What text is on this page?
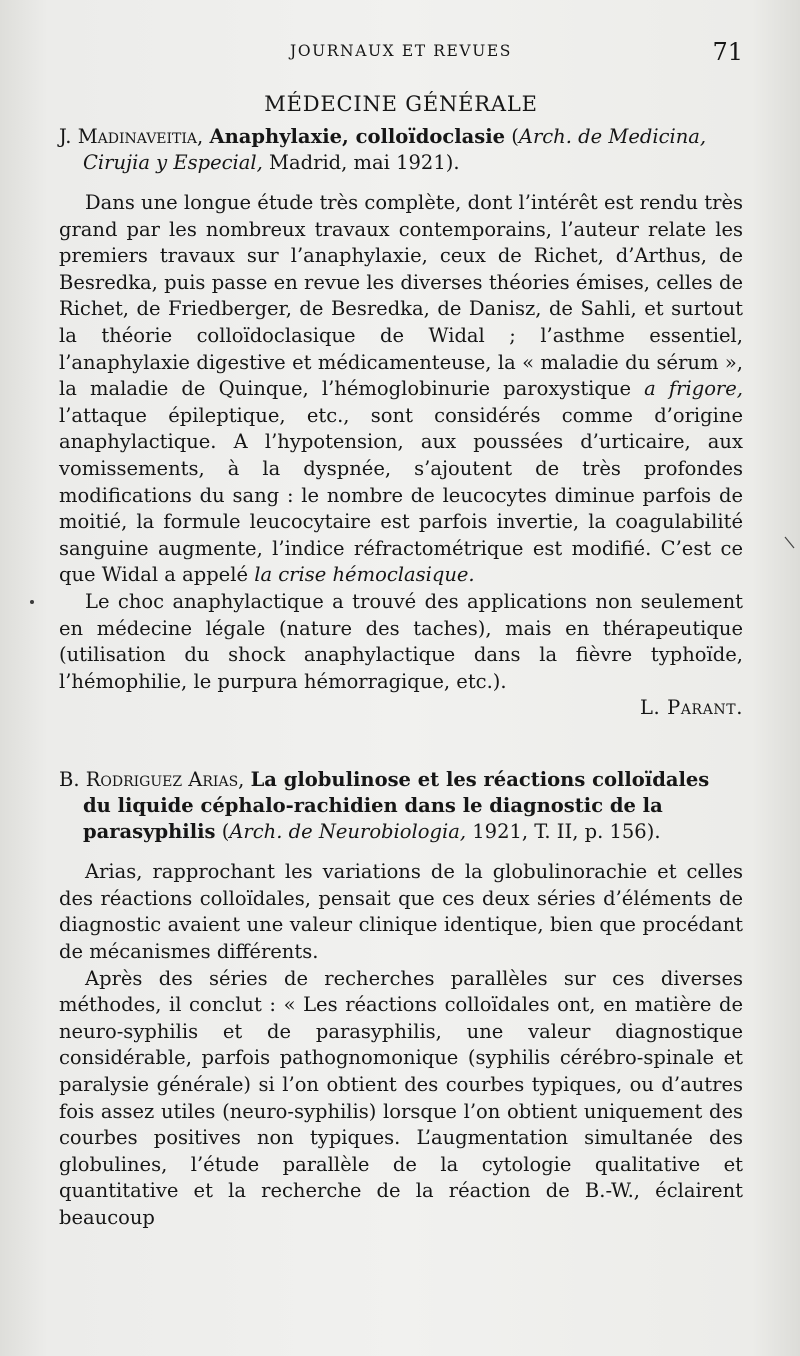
JOURNAUX ET REVUES	71
MÉDECINE GÉNÉRALE

J. Madinaveitia, Anaphylaxie, colloïdoclasie (Arch. de Medicina, Cirujia y Especial, Madrid, mai 1921).

Dans une longue étude très complète, dont l’intérêt est rendu très grand par les nombreux travaux contemporains, l’auteur relate les premiers travaux sur l’anaphylaxie, ceux de Richet, d’Arthus, de Besredka, puis passe en revue les diverses théories émises, celles de Richet, de Friedberger, de Besredka, de Danisz, de Sahli, et surtout la théorie colloïdoclasique de Widal ; l’asthme essentiel, l’anaphylaxie digestive et médicamenteuse, la « maladie du sérum », la maladie de Quinque, l’hémoglobinurie paroxystique a frigore, l’attaque épileptique, etc., sont considérés comme d’origine anaphylactique. A l’hypotension, aux poussées d’urticaire, aux vomissements, à la dyspnée, s’ajoutent de très profondes modifications du sang : le nombre de leucocytes diminue parfois de moitié, la formule leucocytaire est parfois invertie, la coagulabilité sanguine augmente, l’indice réfractométrique est modifié. C’est ce que Widal a appelé la crise hémoclasique.

Le choc anaphylactique a trouvé des applications non seulement en médecine légale (nature des taches), mais en thérapeutique (utilisation du shock anaphylactique dans la fièvre typhoïde, l’hémophilie, le purpura hémorragique, etc.).

L. Parant.

B. Rodriguez Arias, La globulinose et les réactions colloïdales du liquide céphalo-rachidien dans le diagnostic de la parasyphilis (Arch. de Neurobiologia, 1921, T. II, p. 156).

Arias, rapprochant les variations de la globulinorachie et celles des réactions colloïdales, pensait que ces deux séries d’éléments de diagnostic avaient une valeur clinique identique, bien que procédant de mécanismes différents.

Après des séries de recherches parallèles sur ces diverses méthodes, il conclut : « Les réactions colloïdales ont, en matière de neuro-syphilis et de parasyphilis, une valeur diagnostique considérable, parfois pathognomonique (syphilis cérébro-spinale et paralysie générale) si l’on obtient des courbes typiques, ou d’autres fois assez utiles (neuro-syphilis) lorsque l’on obtient uniquement des courbes positives non typiques. L’augmentation simultanée des globulines, l’étude parallèle de la cytologie qualitative et quantitative et la recherche de la réaction de B.-W., éclairent beaucoup
